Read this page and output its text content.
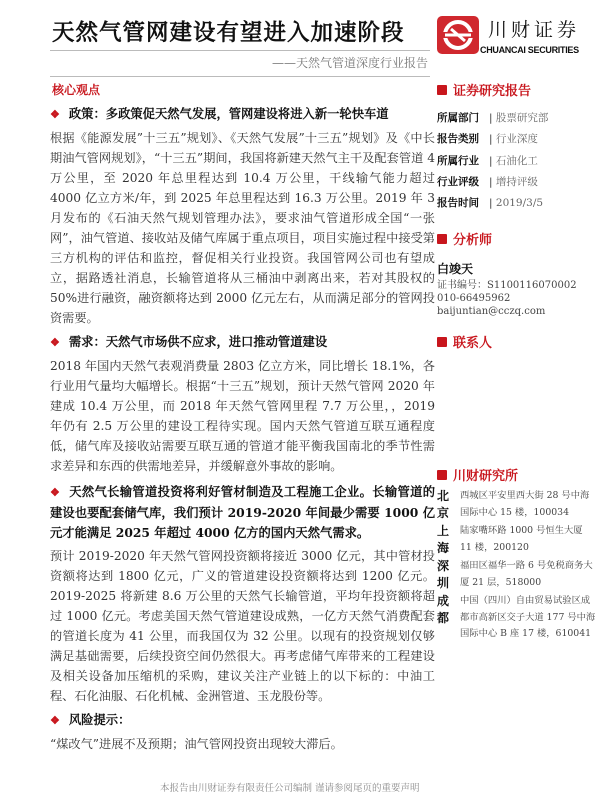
天然气管网建设有望进入加速阶段
——天然气管道深度行业报告
川财证券
CHUANCAI SECURITIES
核心观点
❖ 政策：多政策促天然气发展，管网建设将进入新一轮快车道
根据《能源发展”十三五”规划》、《天然气发展”十三五”规划》及《中长期油气管网规划》，“十三五”期间，我国将新建天然气主干及配套管道 4 万公里，至 2020 年总里程达到 10.4 万公里，干线输气能力超过 4000 亿立方米/年，到 2025 年总里程达到 16.3 万公里。2019 年 3 月发布的《石油天然气规划管理办法》，要求油气管道形成全国“一张网”，油气管道、接收站及储气库属于重点项目，项目实施过程中接受第三方机构的评估和监控，督促相关行业投资。我国管网公司也有望成立，据路透社消息，长输管道将从三桶油中剥离出来，若对其股权的 50%进行融资，融资额将达到 2000 亿元左右，从而满足部分的管网投资需要。
❖ 需求：天然气市场供不应求，进口推动管道建设
2018 年国内天然气表观消费量 2803 亿立方米，同比增长 18.1%，各行业用气量均大幅增长。根据“十三五”规划，预计天然气管网 2020 年建成 10.4 万公里，而 2018 年天然气管网里程 7.7 万公里，，2019 年仍有 2.5 万公里的建设工程待实现。国内天然气管道互联互通程度低，储气库及接收站需要互联互通的管道才能平衡我国南北的季节性需求差异和东西的供需地差异，并缓解意外事故的影响。
❖ 天然气长输管道投资将利好管材制造及工程施工企业。长输管道的建设也要配套储气库，我们预计 2019-2020 年间最少需要 1000 亿元才能满足 2025 年超过 4000 亿方的国内天然气需求。
预计 2019-2020 年天然气管网投资额将接近 3000 亿元，其中管材投资额将达到 1800 亿元，广义的管道建设投资额将达到 1200 亿元。2019-2025 将新建 8.6 万公里的天然气长输管道，平均年投资额将超过 1000 亿元。考虑美国天然气管道建设成熟，一亿方天然气消费配套的管道长度为 41 公里，而我国仅为 32 公里。以现有的投资规划仅够满足基础需要，后续投资空间仍然很大。再考虑储气库带来的工程建设及相关设备加压缩机的采购，建议关注产业链上的以下标的：中油工程、石化油服、石化机械、金洲管道、玉龙股份等。
❖ 风险提示：
“煤改气”进展不及预期；油气管网投资出现较大滞后。
证券研究报告
所属部门	| 股票研究部
报告类别	| 行业深度
所属行业	| 石油化工
行业评级	| 增持评级
报告时间	| 2019/3/5
分析师
白竣天
证书编号：S1100116070002
010-66495962
baijuntian@cczq.com
联系人
川财研究所
北京
西城区平安里西大街 28 号中海国际中心 15 楼，100034
上海
陆家嘴环路 1000 号恒生大厦 11 楼，200120
深圳
福田区福华一路 6 号免税商务大厦 21 层，518000
成都
中国（四川）自由贸易试验区成都市高新区交子大道 177 号中海国际中心 B 座 17 楼，610041
本报告由川财证券有限责任公司编制 谨请参阅尾页的重要声明
